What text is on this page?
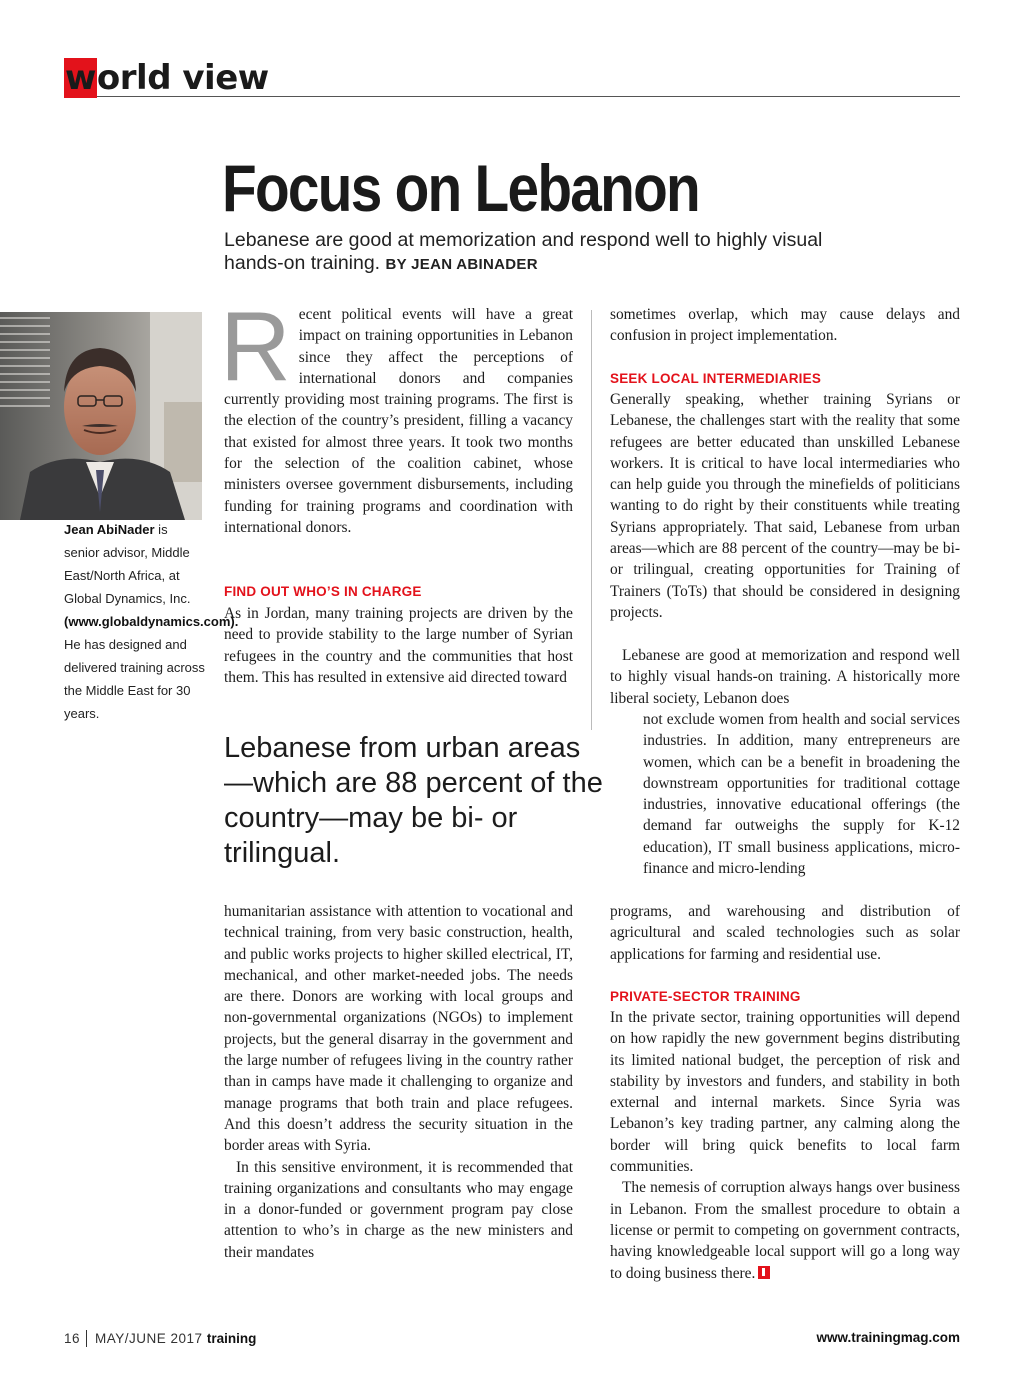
world view
Focus on Lebanon
Lebanese are good at memorization and respond well to highly visual hands-on training. BY JEAN ABINADER
Jean AbiNader is senior advisor, Middle East/North Africa, at Global Dynamics, Inc. (www.globaldynamics.com). He has designed and delivered training across the Middle East for 30 years.
R ecent political events will have a great impact on training opportunities in Lebanon since they affect the perceptions of international donors and companies currently providing most training programs. The first is the election of the country’s president, filling a vacancy that existed for almost three years. It took two months for the selection of the coalition cabinet, whose ministers oversee government disbursements, including funding for training programs and coordination with international donors.

FIND OUT WHO’S IN CHARGE

As in Jordan, many training projects are driven by the need to provide stability to the large number of Syrian refugees in the country and the communities that host them. This has resulted in extensive aid directed toward

Lebanese from urban areas—which are 88 percent of the country—may be bi- or trilingual.

humanitarian assistance with attention to vocational and technical training, from very basic construction, health, and public works projects to higher skilled electrical, IT, mechanical, and other market-needed jobs. The needs are there. Donors are working with local groups and non-governmental organizations (NGOs) to implement projects, but the general disarray in the government and the large number of refugees living in the country rather than in camps have made it challenging to organize and manage programs that both train and place refugees. And this doesn’t address the security situation in the border areas with Syria.

In this sensitive environment, it is recommended that training organizations and consultants who may engage in a donor-funded or government program pay close attention to who’s in charge as the new ministers and their mandates

sometimes overlap, which may cause delays and confusion in project implementation.

SEEK LOCAL INTERMEDIARIES

Generally speaking, whether training Syrians or Lebanese, the challenges start with the reality that some refugees are better educated than unskilled Lebanese workers. It is critical to have local intermediaries who can help guide you through the minefields of politicians wanting to do right by their constituents while treating Syrians appropriately. That said, Lebanese from urban areas—which are 88 percent of the country—may be bi- or trilingual, creating opportunities for Training of Trainers (ToTs) that should be considered in designing projects.

Lebanese are good at memorization and respond well to highly visual hands-on training. A historically more liberal society, Lebanon does

not exclude women from health and social services industries. In addition, many entrepreneurs are women, which can be a benefit in broadening the downstream opportunities for traditional cottage industries, innovative educational offerings (the demand far outweighs the supply for K-12 education), IT small business applications, micro-finance and micro-lending

programs, and warehousing and distribution of agricultural and scaled technologies such as solar applications for farming and residential use.

PRIVATE-SECTOR TRAINING

In the private sector, training opportunities will depend on how rapidly the new government begins distributing its limited national budget, the perception of risk and stability by investors and funders, and stability in both external and internal markets. Since Syria was Lebanon’s key trading partner, any calming along the border will bring quick benefits to local farm communities.

The nemesis of corruption always hangs over business in Lebanon. From the smallest procedure to obtain a license or permit to competing on government contracts, having knowledgeable local support will go a long way to doing business there.

16 MAY/JUNE 2017 training	www.trainingmag.com
